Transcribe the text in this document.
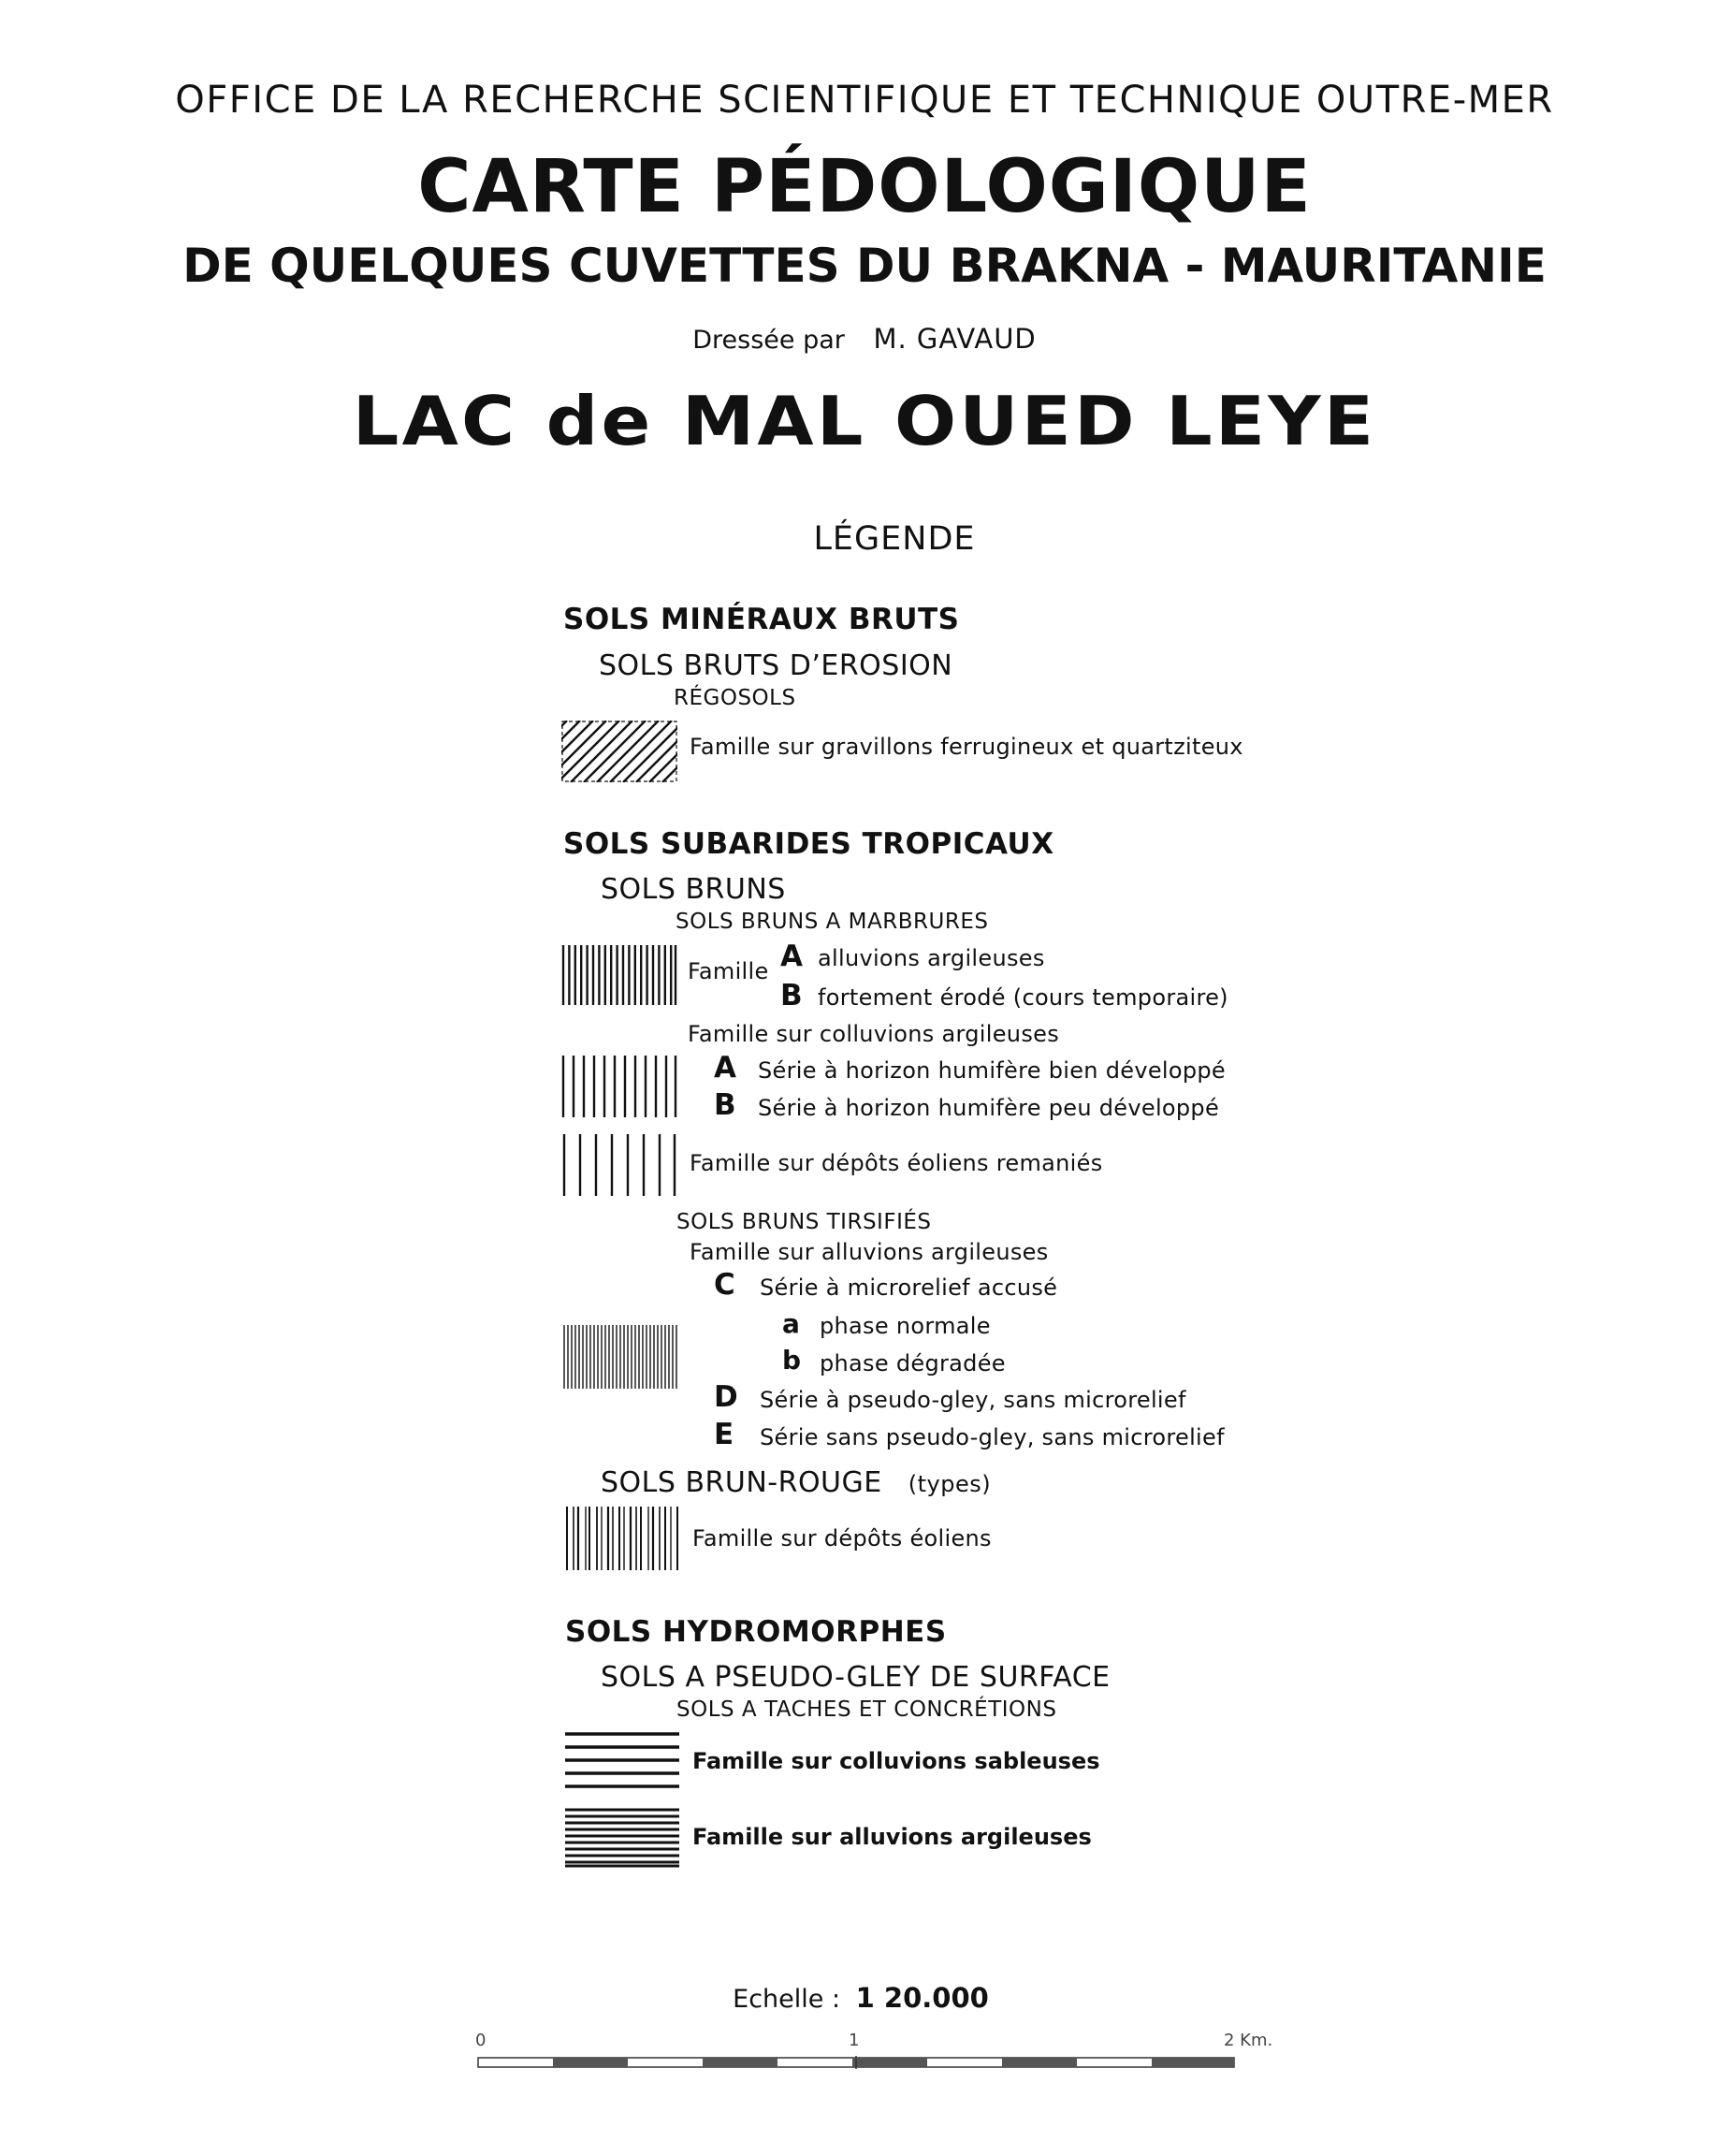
OFFICE DE LA RECHERCHE SCIENTIFIQUE ET TECHNIQUE OUTRE-MER
CARTE PÉDOLOGIQUE
DE QUELQUES CUVETTES DU BRAKNA - MAURITANIE
Dressée par M. GAVAUD
LAC de MAL OUED LEYE
LÉGENDE
SOLS MINÉRAUX BRUTS
SOLS BRUTS D’EROSION
RÉGOSOLS
Famille sur gravillons ferrugineux et quartziteux
SOLS SUBARIDES TROPICAUX
SOLS BRUNS
SOLS BRUNS A MARBRURES
Famille A alluvions argileuses
B fortement érodé (cours temporaire)
Famille sur colluvions argileuses
A Série à horizon humifère bien développé
B Série à horizon humifère peu développé
Famille sur dépôts éoliens remaniés
SOLS BRUNS TIRSIFIÉS
Famille sur alluvions argileuses
C Série à microrelief accusé
a phase normale
b phase dégradée
D Série à pseudo-gley, sans microrelief
E Série sans pseudo-gley, sans microrelief
SOLS BRUN-ROUGE (types)
Famille sur dépôts éoliens
SOLS HYDROMORPHES
SOLS A PSEUDO-GLEY DE SURFACE
SOLS A TACHES ET CONCRÉTIONS
Famille sur colluvions sableuses
Famille sur alluvions argileuses
Echelle : 1 20.000
0	1	2 Km.
